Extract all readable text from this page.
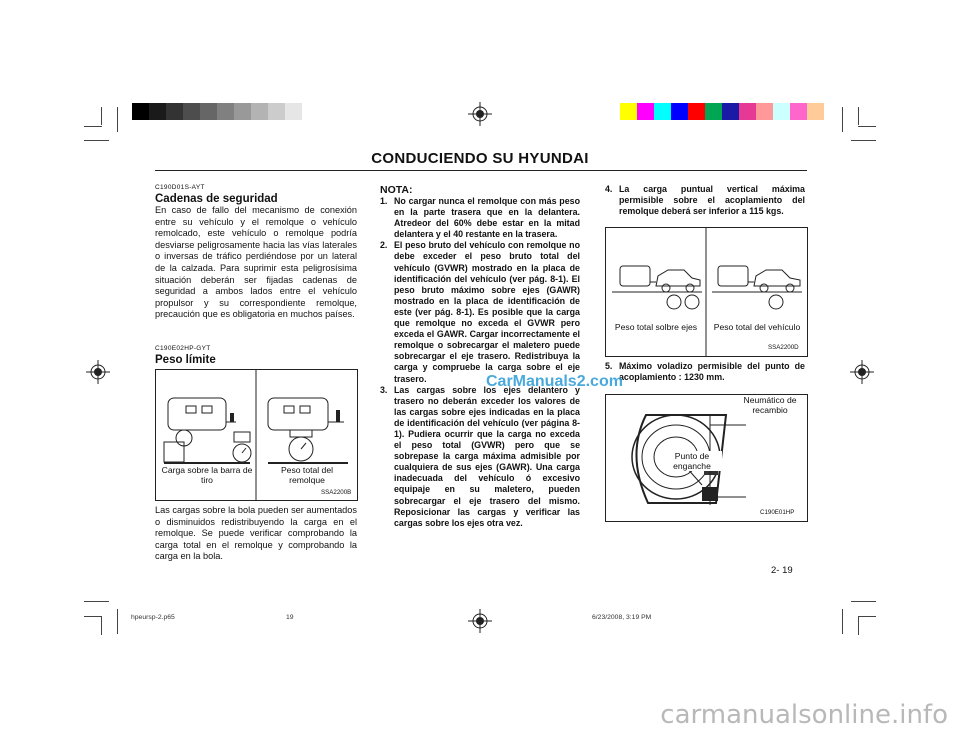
CONDUCIENDO SU HYUNDAI
C190D01S-AYT
Cadenas de seguridad
En caso de fallo del mecanismo de conexión entre su vehículo y el remolque o vehículo remolcado, este vehículo o remolque podría desviarse peligrosamente hacia las vías laterales o inversas de tráfico perdiéndose por un lateral de la calzada. Para suprimir esta peligrosísima situación deberán ser fijadas cadenas de seguridad a ambos lados entre el vehículo propulsor y su correspondiente remolque, precaución que es obligatoria en muchos países.
C190E02HP-GYT
Peso límite
Carga sobre la barra de tiro
Peso total del remolque
SSA2200B
Las cargas sobre la bola pueden ser aumentados o disminuidos redistribuyendo la carga en el remolque. Se puede verificar comprobando la carga total en el remolque y comprobando la carga en la bola.
NOTA:
1. No cargar nunca el remolque con más peso en la parte trasera que en la delantera. Atredeor del 60% debe estar en la mitad delantera y el 40 restante en la trasera.
2. El peso bruto del vehículo con remolque no debe exceder el peso bruto total del vehículo (GVWR) mostrado en la placa de identificación del vehículo (ver pág. 8-1). El peso bruto máximo sobre ejes (GAWR) mostrado en la placa de identificación de este (ver pág. 8-1). Es posible que la carga que remolque no exceda el GVWR pero exceda el GAWR. Cargar incorrectamente el remolque o sobrecargar el maletero puede sobrecargar el eje trasero. Redistribuya la carga y compruebe la carga sobre el eje trasero.
3. Las cargas sobre los ejes delantero y trasero no deberán exceder los valores de las cargas sobre ejes indicadas en la placa de identificación del vehículo (ver página 8-1). Pudiera ocurrir que la carga no exceda el peso total (GVWR) pero que se sobrepase la carga máxima admisible por cualquiera de sus ejes (GAWR). Una carga inadecuada del vehículo ó excesivo equipaje en su maletero, pueden sobrecargar el eje trasero del mismo. Reposicionar las cargas y verificar las cargas sobre los ejes otra vez.
4. La carga puntual vertical máxima permisible sobre el acoplamiento del remolque deberá ser inferior a 115 kgs.
Peso total solbre ejes	Peso total del vehículo
SSA2200D
5. Máximo voladizo permisible del punto de acoplamiento : 1230 mm.
Neumático de recambio
Punto de enganche
C190E01HP
CarManuals2.com
2- 19
hpeursp-2.p65	19	6/23/2008, 3:19 PM
carmanualsonline.info
